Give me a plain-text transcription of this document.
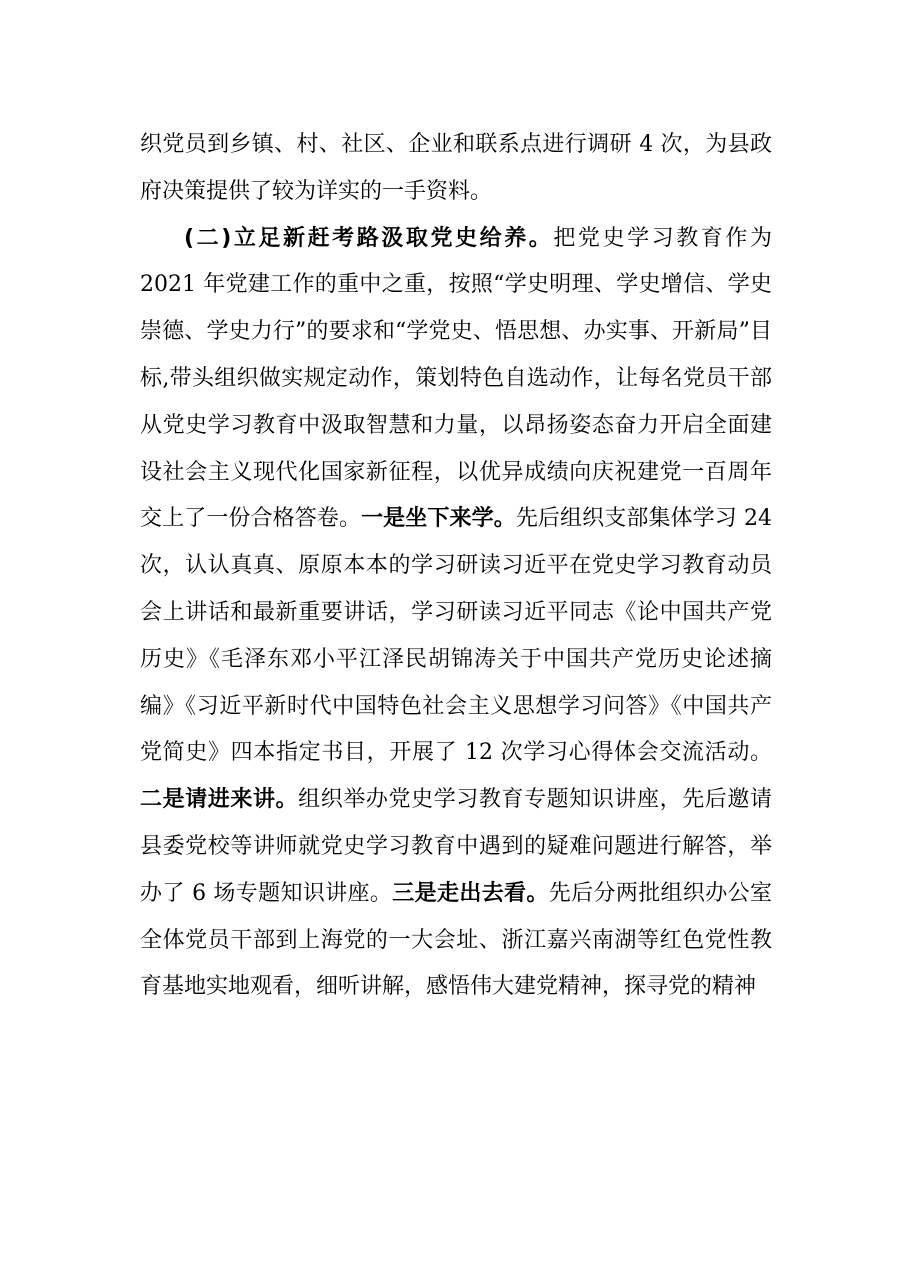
织党员到乡镇、村、社区、企业和联系点进行调研 4 次，为县政府决策提供了较为详实的一手资料。

(二)立足新赶考路汲取党史给养。把党史学习教育作为 2021 年党建工作的重中之重，按照“学史明理、学史增信、学史崇德、学史力行”的要求和“学党史、悟思想、办实事、开新局”目标,带头组织做实规定动作，策划特色自选动作，让每名党员干部从党史学习教育中汲取智慧和力量，以昂扬姿态奋力开启全面建设社会主义现代化国家新征程，以优异成绩向庆祝建党一百周年交上了一份合格答卷。一是坐下来学。先后组织支部集体学习 24 次，认认真真、原原本本的学习研读习近平在党史学习教育动员会上讲话和最新重要讲话，学习研读习近平同志《论中国共产党历史》《毛泽东邓小平江泽民胡锦涛关于中国共产党历史论述摘编》《习近平新时代中国特色社会主义思想学习问答》《中国共产党简史》四本指定书目，开展了 12 次学习心得体会交流活动。二是请进来讲。组织举办党史学习教育专题知识讲座，先后邀请县委党校等讲师就党史学习教育中遇到的疑难问题进行解答，举办了 6 场专题知识讲座。三是走出去看。先后分两批组织办公室全体党员干部到上海党的一大会址、浙江嘉兴南湖等红色党性教育基地实地观看，细听讲解，感悟伟大建党精神，探寻党的精神
